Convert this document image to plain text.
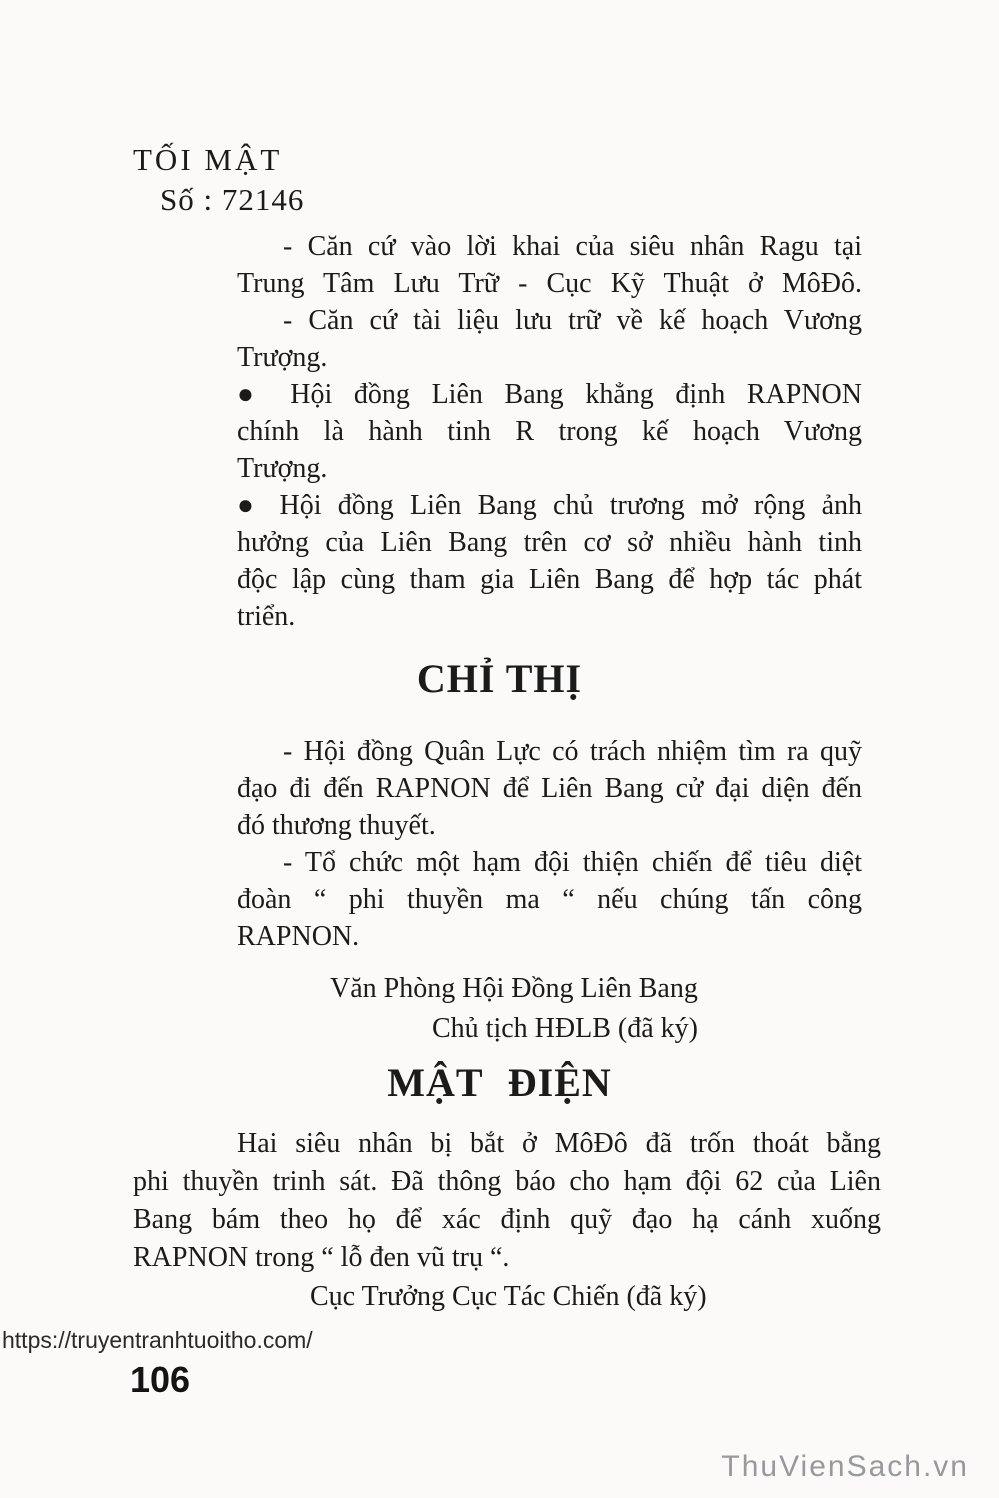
TỐI MẬT
Số : 72146
- Căn cứ vào lời khai của siêu nhân Ragu tại
Trung Tâm Lưu Trữ - Cục Kỹ Thuật ở MôĐô.
- Căn cứ tài liệu lưu trữ về kế hoạch Vương
Trượng.
● Hội đồng Liên Bang khẳng định RAPNON
chính là hành tinh R trong kế hoạch Vương
Trượng.
● Hội đồng Liên Bang chủ trương mở rộng ảnh
hưởng của Liên Bang trên cơ sở nhiều hành tinh
độc lập cùng tham gia Liên Bang để hợp tác phát
triển.
CHỈ THỊ
- Hội đồng Quân Lực có trách nhiệm tìm ra quỹ
đạo đi đến RAPNON để Liên Bang cử đại diện đến
đó thương thuyết.
- Tổ chức một hạm đội thiện chiến để tiêu diệt
đoàn “ phi thuyền ma “ nếu chúng tấn công
RAPNON.
Văn Phòng Hội Đồng Liên Bang
Chủ tịch HĐLB (đã ký)
MẬT ĐIỆN
Hai siêu nhân bị bắt ở MôĐô đã trốn thoát bằng
phi thuyền trinh sát. Đã thông báo cho hạm đội 62 của Liên
Bang bám theo họ để xác định quỹ đạo hạ cánh xuống
RAPNON trong “ lỗ đen vũ trụ “.
Cục Trưởng Cục Tác Chiến (đã ký)
https://truyentranhtuoitho.com/
106
ThuVienSach.vn
